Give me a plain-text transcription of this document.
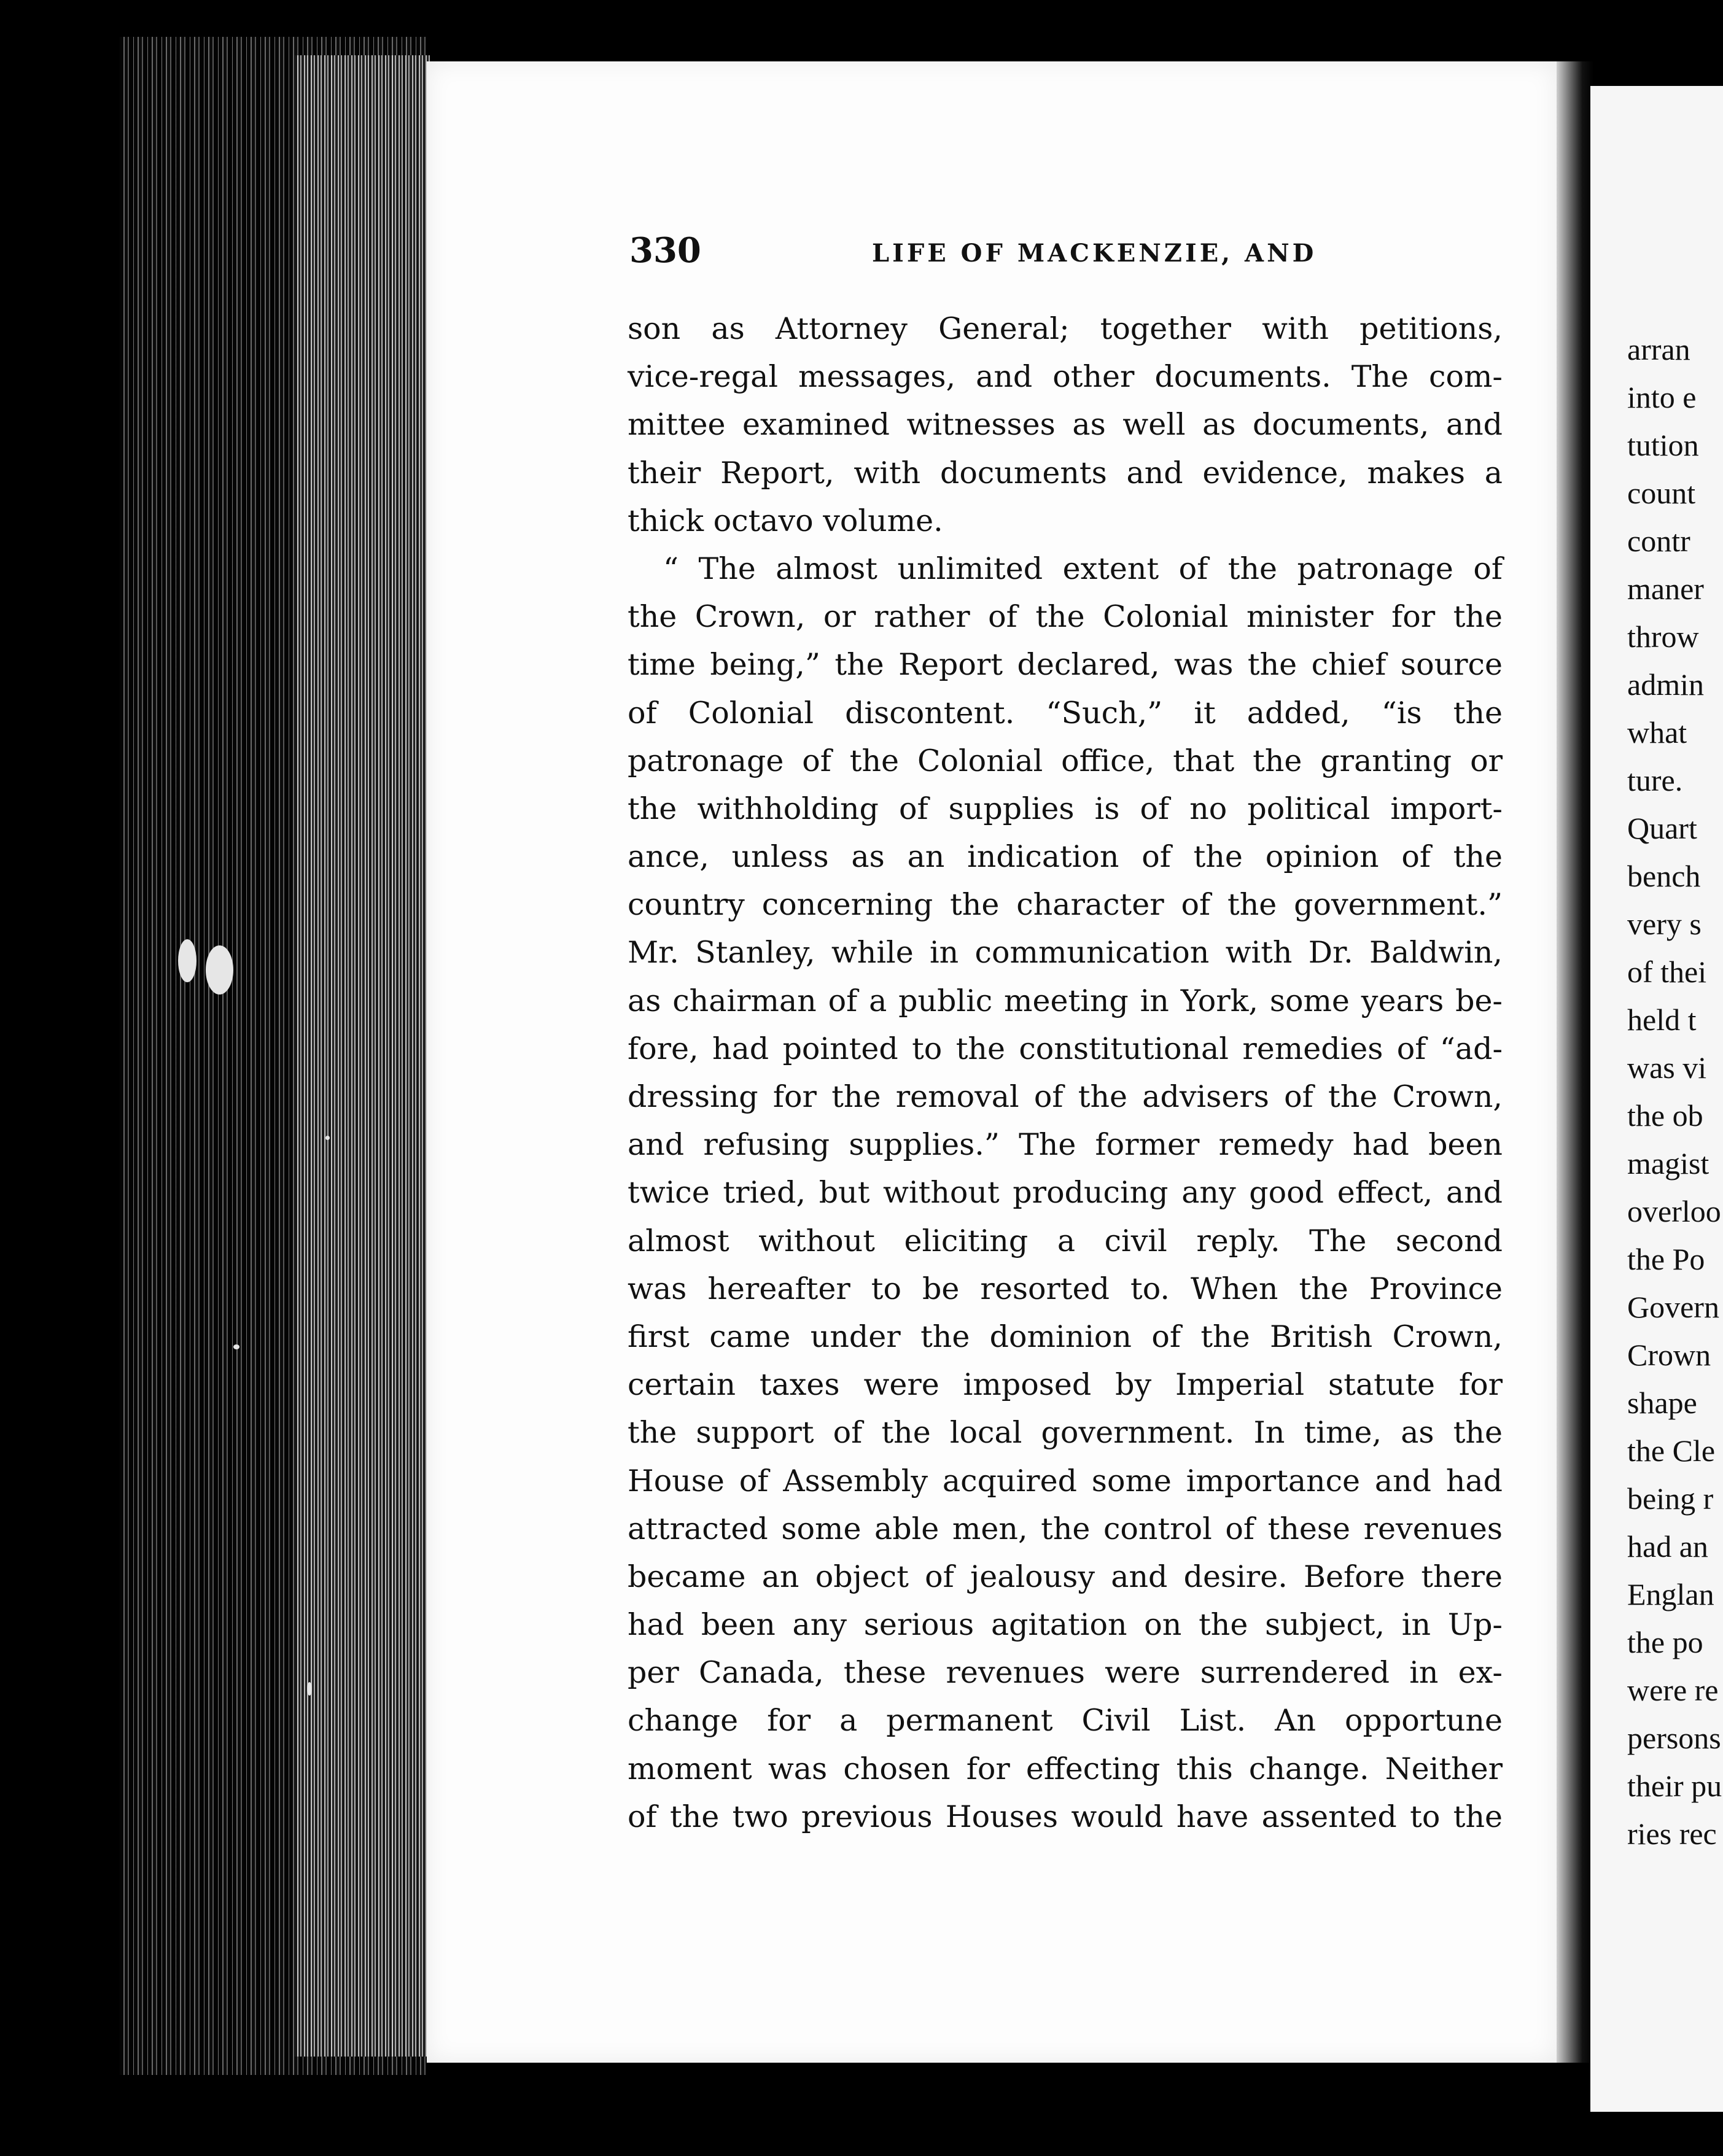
arran
into e
tution
count
contr
maner
throw
admin
what
ture.
Quart
bench
very s
of thei
held t
was vi
the ob
magist
overloo
the Po
Govern
Crown
shape
the Cle
being r
had an
Englan
the po
were re
persons
their pu
ries rec
330	LIFE OF MACKENZIE, AND
son as Attorney General; together with petitions,
vice-regal messages, and other documents. The com-
mittee examined witnesses as well as documents, and
their Report, with documents and evidence, makes a
thick octavo volume.
“ The almost unlimited extent of the patronage of
the Crown, or rather of the Colonial minister for the
time being,” the Report declared, was the chief source
of Colonial discontent. “Such,” it added, “is the
patronage of the Colonial office, that the granting or
the withholding of supplies is of no political import-
ance, unless as an indication of the opinion of the
country concerning the character of the government.”
Mr. Stanley, while in communication with Dr. Baldwin,
as chairman of a public meeting in York, some years be-
fore, had pointed to the constitutional remedies of “ad-
dressing for the removal of the advisers of the Crown,
and refusing supplies.” The former remedy had been
twice tried, but without producing any good effect, and
almost without eliciting a civil reply. The second
was hereafter to be resorted to. When the Province
first came under the dominion of the British Crown,
certain taxes were imposed by Imperial statute for
the support of the local government. In time, as the
House of Assembly acquired some importance and had
attracted some able men, the control of these revenues
became an object of jealousy and desire. Before there
had been any serious agitation on the subject, in Up-
per Canada, these revenues were surrendered in ex-
change for a permanent Civil List. An opportune
moment was chosen for effecting this change. Neither
of the two previous Houses would have assented to the
